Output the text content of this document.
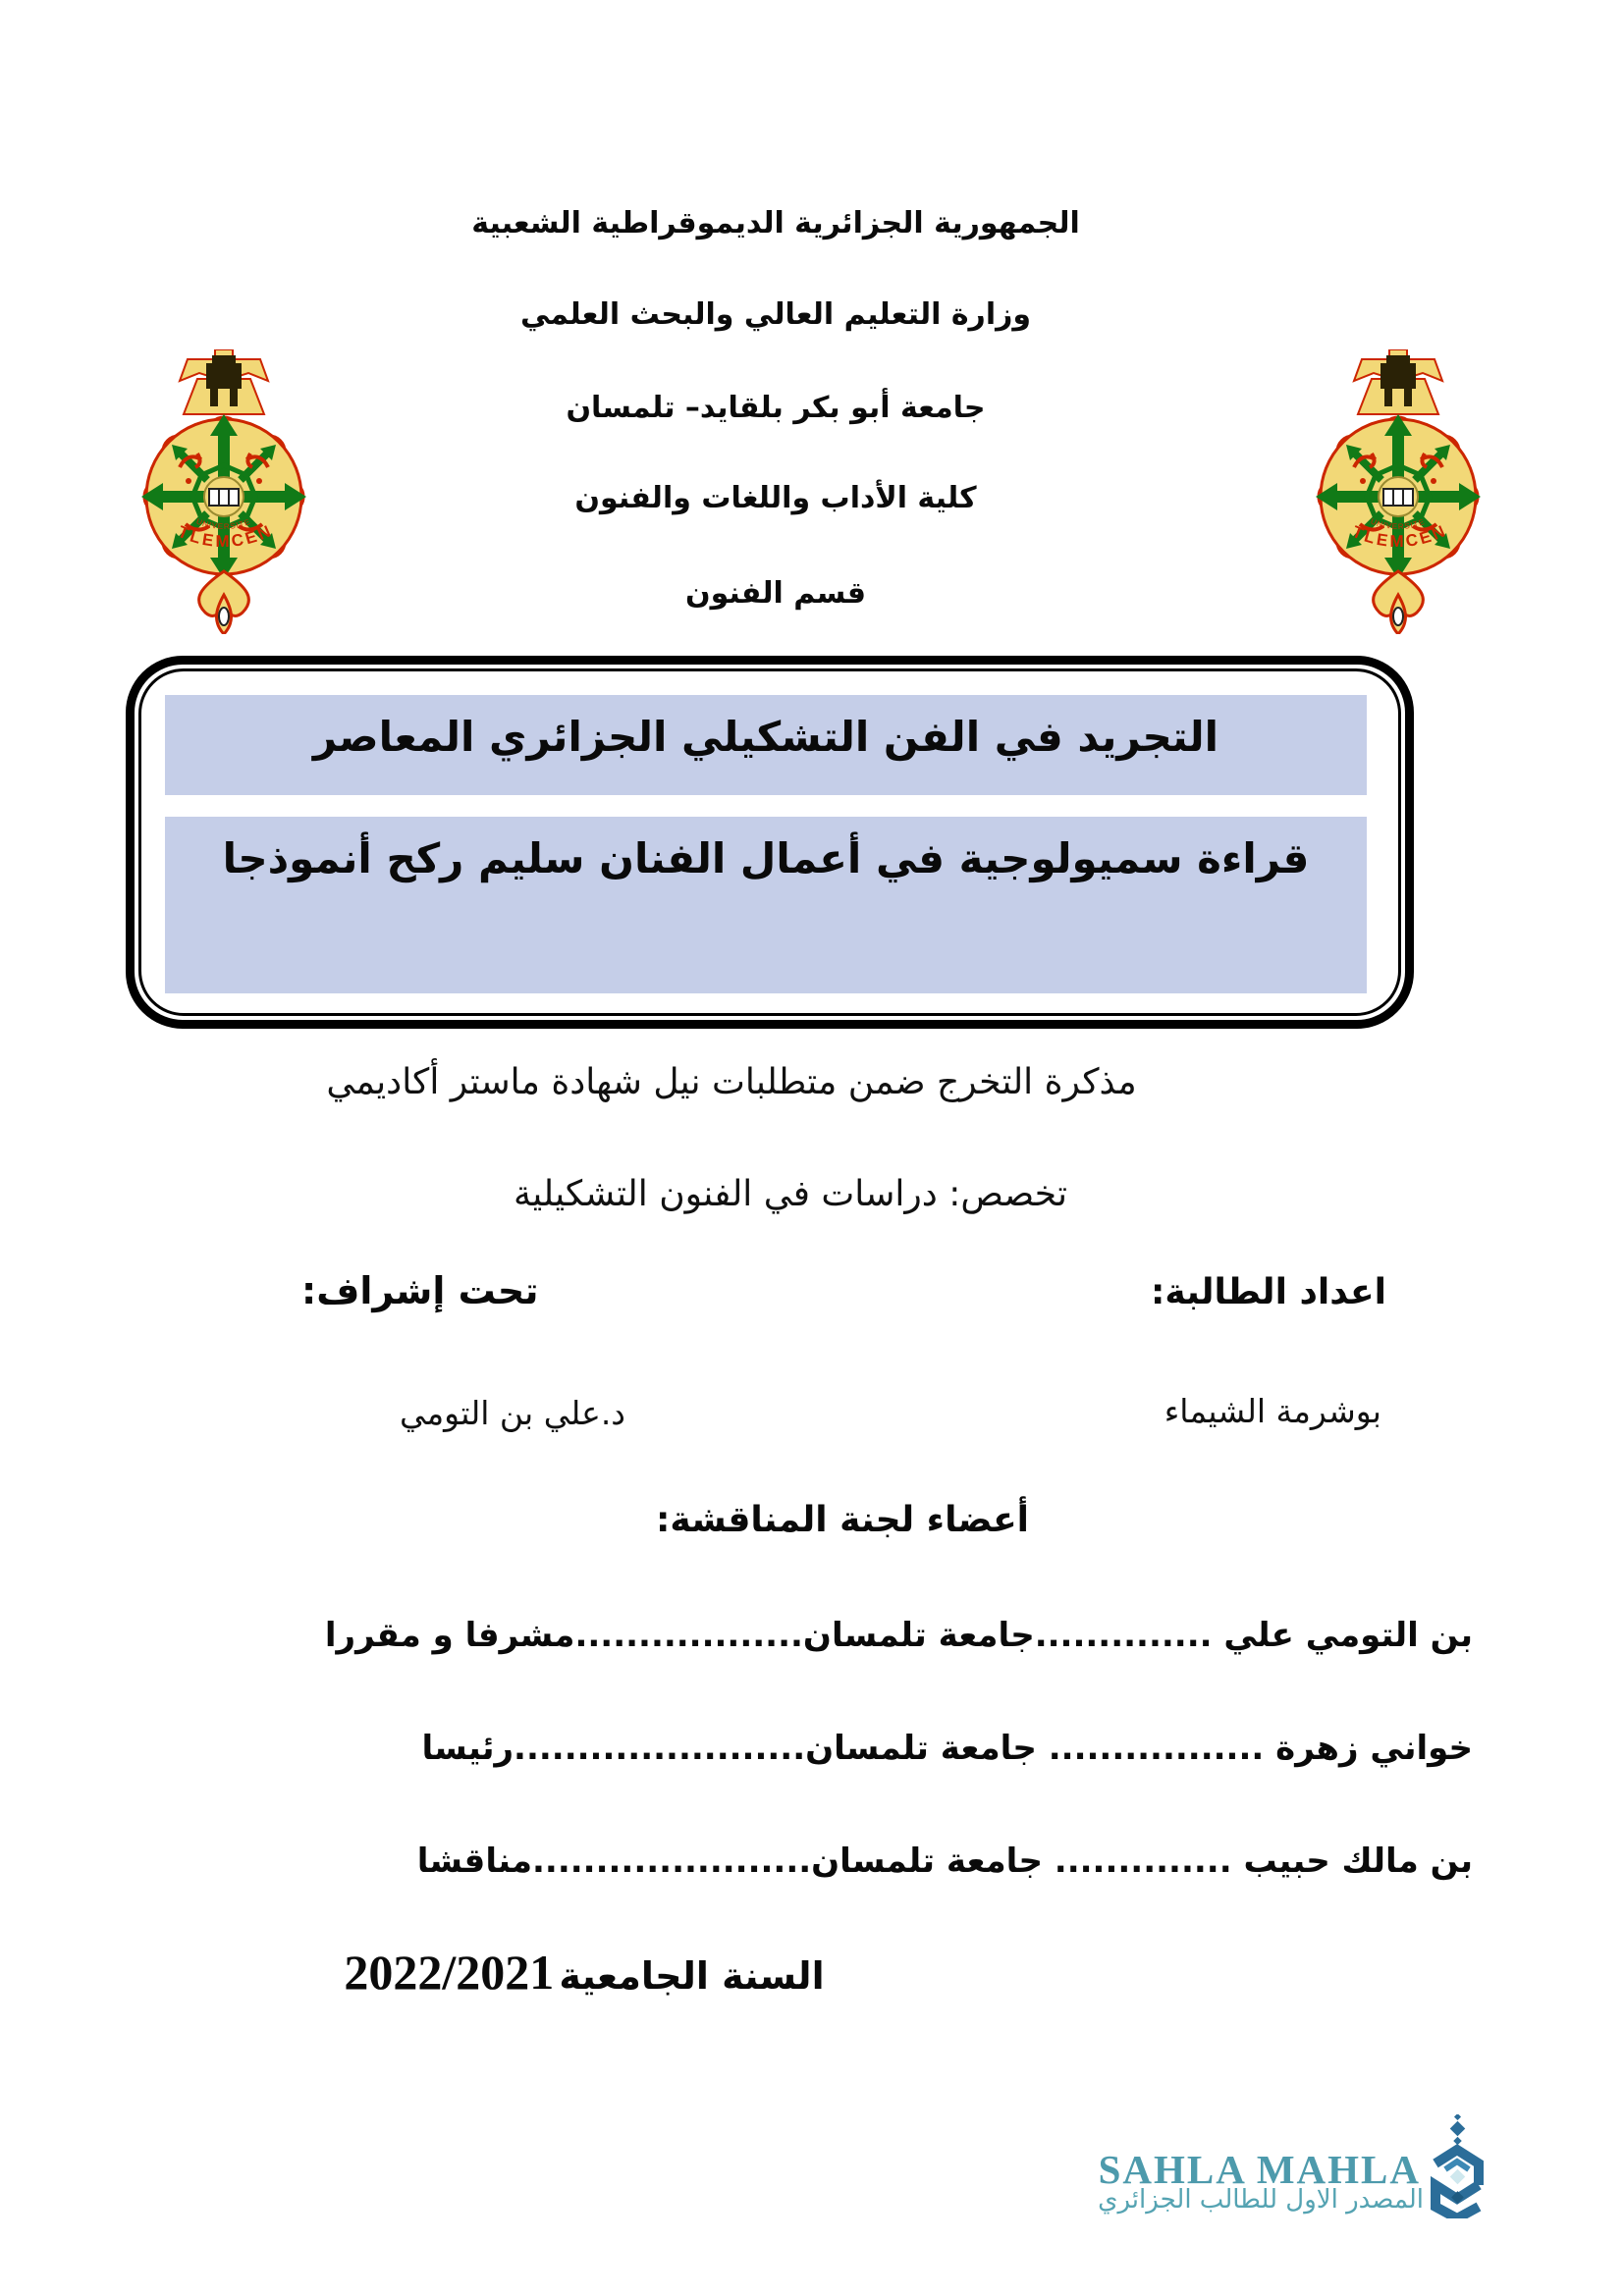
الجمهورية الجزائرية الديموقراطية الشعبية
وزارة التعليم العالي والبحث العلمي
جامعة أبو بكر بلقايد– تلمسان
كلية الأداب واللغات والفنون
قسم الفنون
UNIVERSITE
TLEMCEN	UNIVERSITE
TLEMCEN
التجريد في الفن التشكيلي الجزائري المعاصر
قراءة سميولوجية في أعمال الفنان سليم ركح أنموذجا
مذكرة التخرج ضمن متطلبات نيل شهادة ماستر أكاديمي
تخصص: دراسات في الفنون التشكيلية
اعداد الطالبة:
تحت إشراف:
بوشرمة الشيماء
د.علي بن التومي
أعضاء لجنة المناقشة:
بن التومي علي ..............جامعة تلمسان..................مشرفا و مقررا
خواني زهرة ................. جامعة تلمسان.......................رئيسا
بن مالك حبيب .............. جامعة تلمسان......................مناقشا
السنة الجامعية 2022/2021
SAHLA MAHLA
المصدر الاول للطالب الجزائري
